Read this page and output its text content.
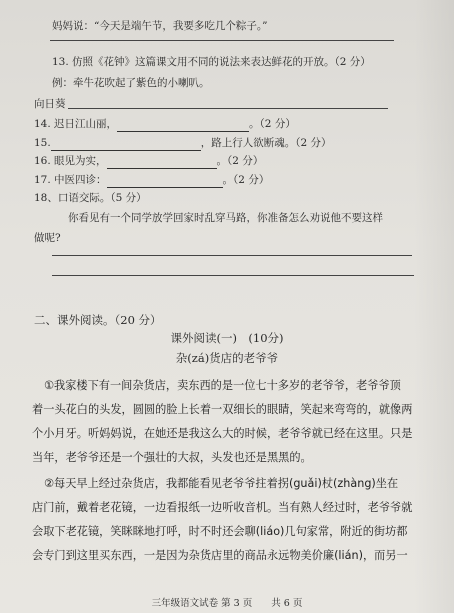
妈妈说：“今天是端午节，我要多吃几个粽子。”
13. 仿照《花钟》这篇课文用不同的说法来表达鲜花的开放。（2 分）
例：牵牛花吹起了紫色的小喇叭。
向日葵
14. 迟日江山丽，	。（2 分）
15.	，路上行人欲断魂。（2 分）
16. 眼见为实，	。（2 分）
17. 中医四诊：	。（2 分）
18、口语交际。（5 分）
你看见有一个同学放学回家时乱穿马路，你准备怎么劝说他不要这样
做呢?
二、课外阅读。（20 分）
课外阅读(一)　(10分)
杂(zá)货店的老爷爷
①我家楼下有一间杂货店，卖东西的是一位七十多岁的老爷爷，老爷爷顶
着一头花白的头发，圆圆的脸上长着一双细长的眼睛，笑起来弯弯的，就像两
个小月牙。听妈妈说，在她还是我这么大的时候，老爷爷就已经在这里。只是
当年，老爷爷还是一个强壮的大叔，头发也还是黑黑的。
②每天早上经过杂货店，我都能看见老爷爷拄着拐(guǎi)杖(zhàng)坐在
店门前，戴着老花镜，一边看报纸一边听收音机。当有熟人经过时，老爷爷就
会取下老花镜，笑眯眯地打呼，时不时还会聊(liáo)几句家常，附近的街坊都
会专门到这里买东西，一是因为杂货店里的商品永远物美价廉(lián)，而另一
三年级语文试卷 第 3 页　　共 6 页
